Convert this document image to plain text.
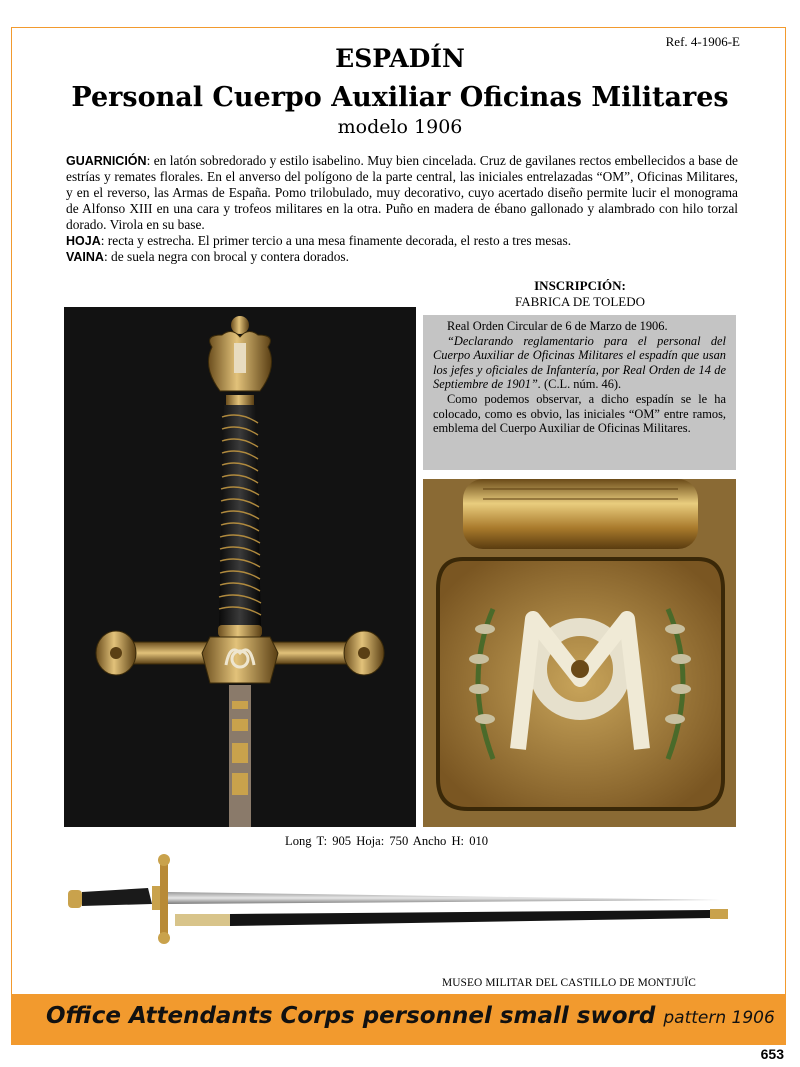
Ref. 4-1906-E
ESPADÍN
Personal Cuerpo Auxiliar Oficinas Militares
modelo 1906

GUARNICIÓN: en latón sobredorado y estilo isabelino. Muy bien cincelada. Cruz de gavilanes rectos embellecidos a base de estrías y remates florales. En el anverso del polígono de la parte central, las iniciales entrelazadas “OM”, Oficinas Militares, y en el reverso, las Armas de España. Pomo trilobulado, muy decorativo, cuyo acertado diseño permite lucir el monograma de Alfonso XIII en una cara y trofeos militares en la otra. Puño en madera de ébano gallonado y alambrado con hilo torzal dorado. Virola en su base.

HOJA: recta y estrecha. El primer tercio a una mesa finamente decorada, el resto a tres mesas.

VAINA: de suela negra con brocal y contera dorados.

INSCRIPCIÓN:
FABRICA DE TOLEDO

Real Orden Circular de 6 de Marzo de 1906.

“Declarando reglamentario para el personal del Cuerpo Auxiliar de Oficinas Militares el espadín que usan los jefes y oficiales de Infantería, por Real Orden de 14 de Septiembre de 1901”. (C.L. núm. 46).

Como podemos observar, a dicho espadín se le ha colocado, como es obvio, las iniciales “OM” entre ramos, emblema del Cuerpo Auxiliar de Oficinas Militares.

Long T: 905 Hoja: 750 Ancho H: 010
MUSEO MILITAR DEL CASTILLO DE MONTJUÏC
Office Attendants Corps personnel small sword pattern 1906
653
